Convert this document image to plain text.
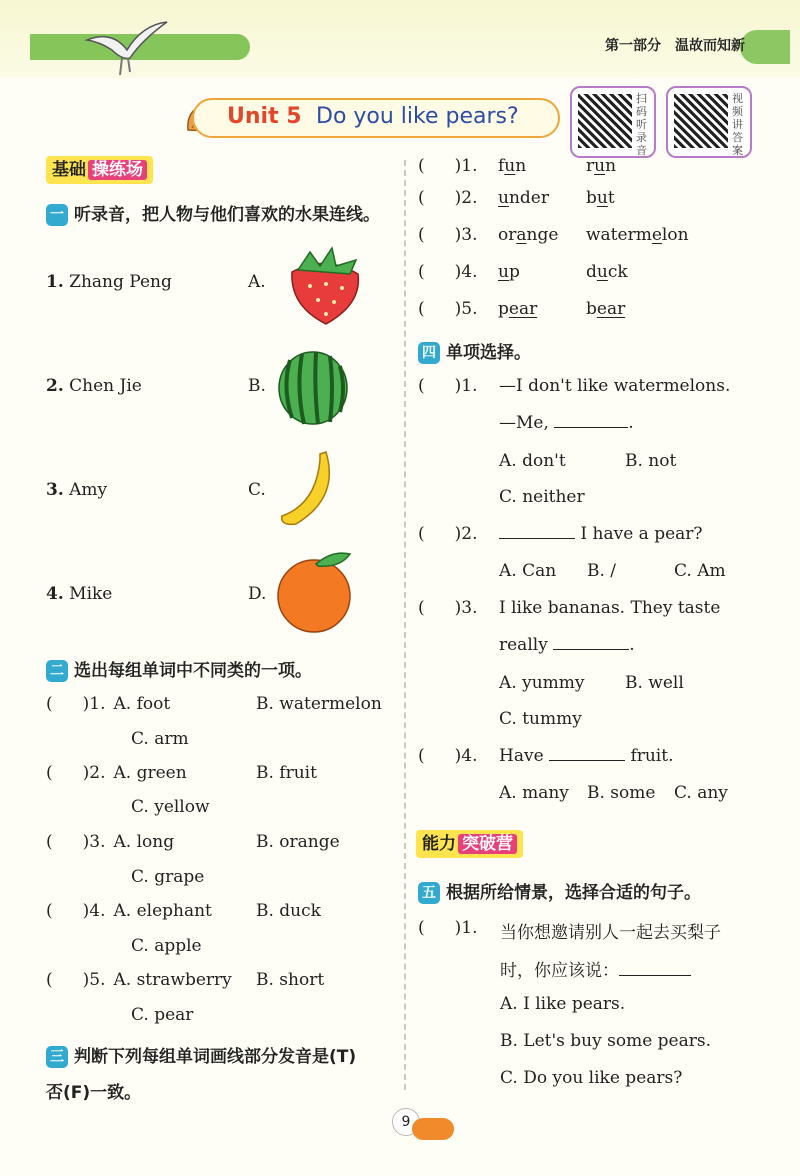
第一部分 温故而知新
Unit 5 Do you like pears?
扫码听录音
视频讲答案
基础 操练场
一 听录音，把人物与他们喜欢的水果连线。
1. Zhang Peng	A.
2. Chen Jie	B.
3. Amy	C.
4. Mike	D.
二 选出每组单词中不同类的一项。
( )1. A. foot	B. watermelon
C. arm
( )2. A. green	B. fruit
C. yellow
( )3. A. long	B. orange
C. grape
( )4. A. elephant	B. duck
C. apple
( )5. A. strawberry B. short
C. pear
三 判断下列每组单词画线部分发音是(T)
否(F)一致。
( )1. fun	run
( )2. under but
( )3. orange watermelon
( )4. up	duck
( )5. pear	bear
四 单项选择。
( )1. —I don't like watermelons.
—Me,	.
A. don't	B. not
C. neither
( )2.	I have a pear?
A. Can B. /	C. Am
( )3. I like bananas. They taste
really	.
A. yummy B. well
C. tummy
( )4. Have	fruit.
A. many B. some C. any
能力 突破营
五 根据所给情景，选择合适的句子。
( )1. 当你想邀请别人一起去买梨子
时，你应该说：
A. I like pears.
B. Let's buy some pears.
C. Do you like pears?
9
